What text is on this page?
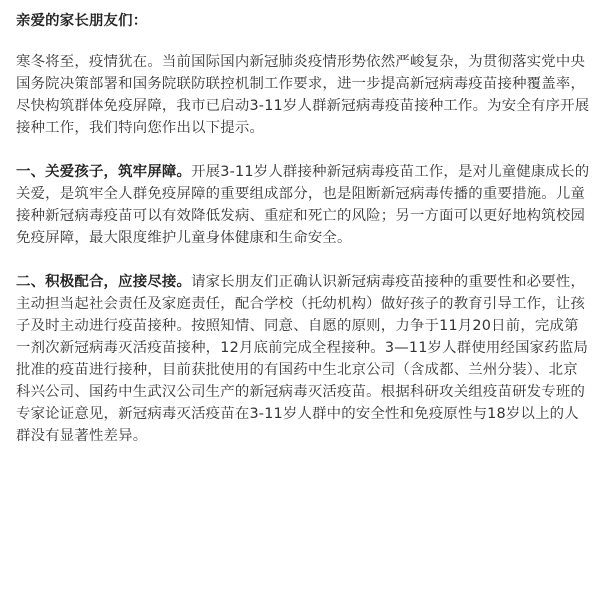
亲爱的家长朋友们：
寒冬将至，疫情犹在。当前国际国内新冠肺炎疫情形势依然严峻复杂，为贯彻落实党中央
国务院决策部署和国务院联防联控机制工作要求，进一步提高新冠病毒疫苗接种覆盖率，
尽快构筑群体免疫屏障，我市已启动3-11岁人群新冠病毒疫苗接种工作。为安全有序开展
接种工作，我们特向您作出以下提示。
一、关爱孩子，筑牢屏障。开展3-11岁人群接种新冠病毒疫苗工作，是对儿童健康成长的
关爱，是筑牢全人群免疫屏障的重要组成部分，也是阻断新冠病毒传播的重要措施。儿童
接种新冠病毒疫苗可以有效降低发病、重症和死亡的风险；另一方面可以更好地构筑校园
免疫屏障，最大限度维护儿童身体健康和生命安全。
二、积极配合，应接尽接。请家长朋友们正确认识新冠病毒疫苗接种的重要性和必要性，
主动担当起社会责任及家庭责任，配合学校（托幼机构）做好孩子的教育引导工作，让孩
子及时主动进行疫苗接种。按照知情、同意、自愿的原则，力争于11月20日前，完成第
一剂次新冠病毒灭活疫苗接种，12月底前完成全程接种。3—11岁人群使用经国家药监局
批准的疫苗进行接种，目前获批使用的有国药中生北京公司（含成都、兰州分装）、北京
科兴公司、国药中生武汉公司生产的新冠病毒灭活疫苗。根据科研攻关组疫苗研发专班的
专家论证意见，新冠病毒灭活疫苗在3-11岁人群中的安全性和免疫原性与18岁以上的人
群没有显著性差异。
